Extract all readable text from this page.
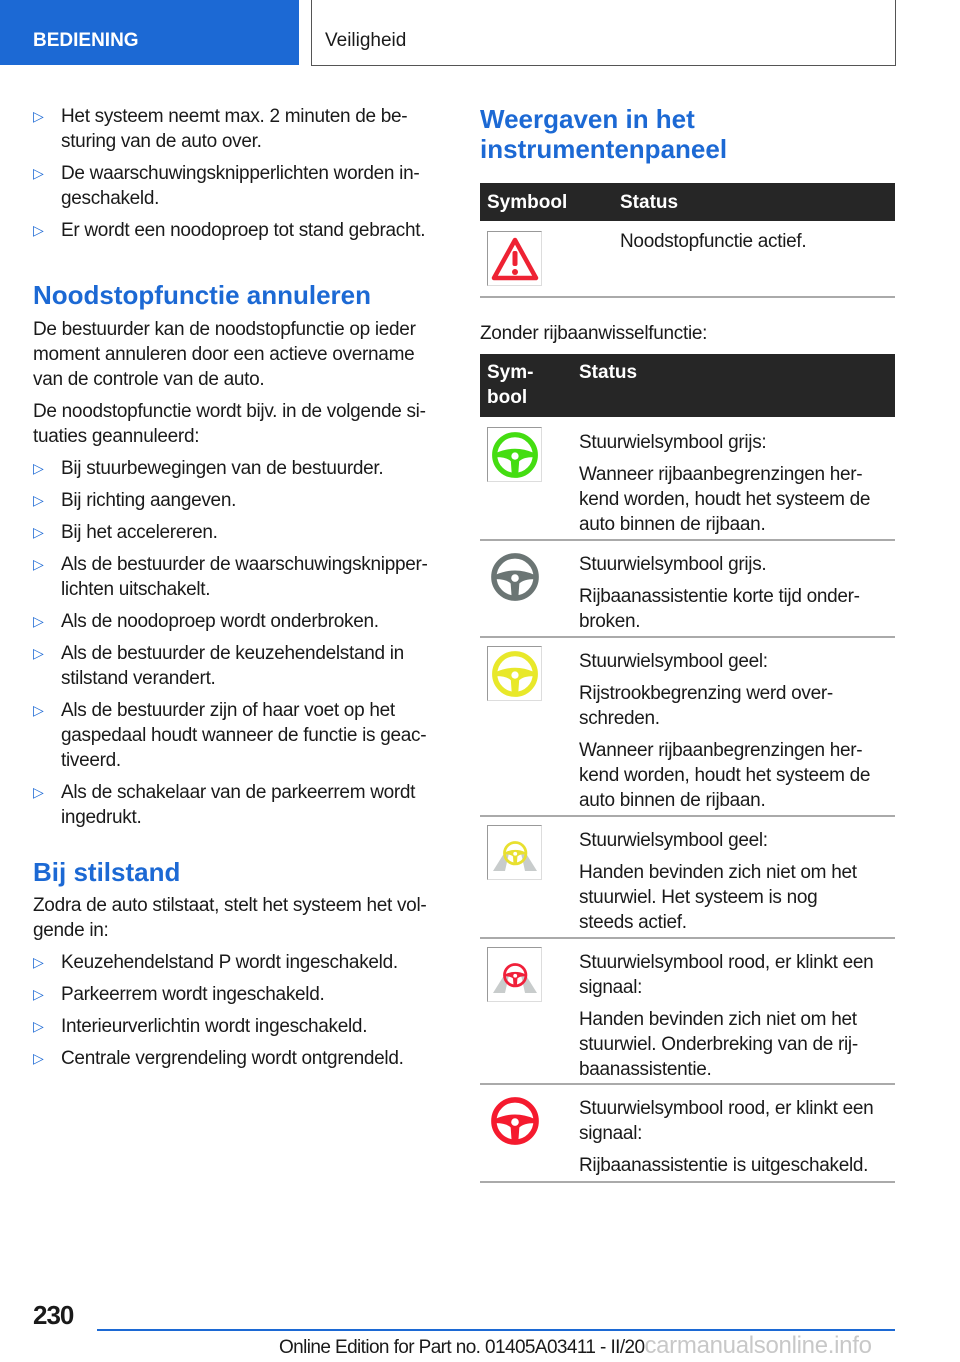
BEDIENING	Veiligheid
▷ Het systeem neemt max. 2 minuten de be-
sturing van de auto over.
▷ De waarschuwingsknipperlichten worden in-
geschakeld.
▷ Er wordt een noodoproep tot stand gebracht.
Noodstopfunctie annuleren
De bestuurder kan de noodstopfunctie op ieder moment annuleren door een actieve overname van de controle van de auto.
De noodstopfunctie wordt bijv. in de volgende si-tuaties geannuleerd:
▷ Bij stuurbewegingen van de bestuurder.
▷ Bij richting aangeven.
▷ Bij het accelereren.
▷ Als de bestuurder de waarschuwingsknipper-
lichten uitschakelt.
▷ Als de noodoproep wordt onderbroken.
▷ Als de bestuurder de keuzehendelstand in
stilstand verandert.
▷ Als de bestuurder zijn of haar voet op het
gaspedaal houdt wanneer de functie is geac-
tiveerd.
▷ Als de schakelaar van de parkeerrem wordt
ingedrukt.
Bij stilstand
Zodra de auto stilstaat, stelt het systeem het vol-gende in:
▷ Keuzehendelstand P wordt ingeschakeld.
▷ Parkeerrem wordt ingeschakeld.
▷ Interieurverlichtin wordt ingeschakeld.
▷ Centrale vergrendeling wordt ontgrendeld.
Weergaven in het instrumentenpaneel
Symbool	Status
Noodstopfunctie actief.
Zonder rijbaanwisselfunctie:
Sym-
bool
Status
Stuurwielsymbool grijs:
Wanneer rijbaanbegrenzingen her-
kend worden, houdt het systeem de
auto binnen de rijbaan.
Stuurwielsymbool grijs.
Rijbaanassistentie korte tijd onder-
broken.
Stuurwielsymbool geel:
Rijstrookbegrenzing werd over-
schreden.
Wanneer rijbaanbegrenzingen her-
kend worden, houdt het systeem de
auto binnen de rijbaan.
Stuurwielsymbool geel:
Handen bevinden zich niet om het
stuurwiel. Het systeem is nog
steeds actief.
Stuurwielsymbool rood, er klinkt een
signaal:
Handen bevinden zich niet om het
stuurwiel. Onderbreking van de rij-
baanassistentie.
Stuurwielsymbool rood, er klinkt een
signaal:
Rijbaanassistentie is uitgeschakeld.
230
Online Edition for Part no. 01405A03411 - II/20carmanualsonline.info
